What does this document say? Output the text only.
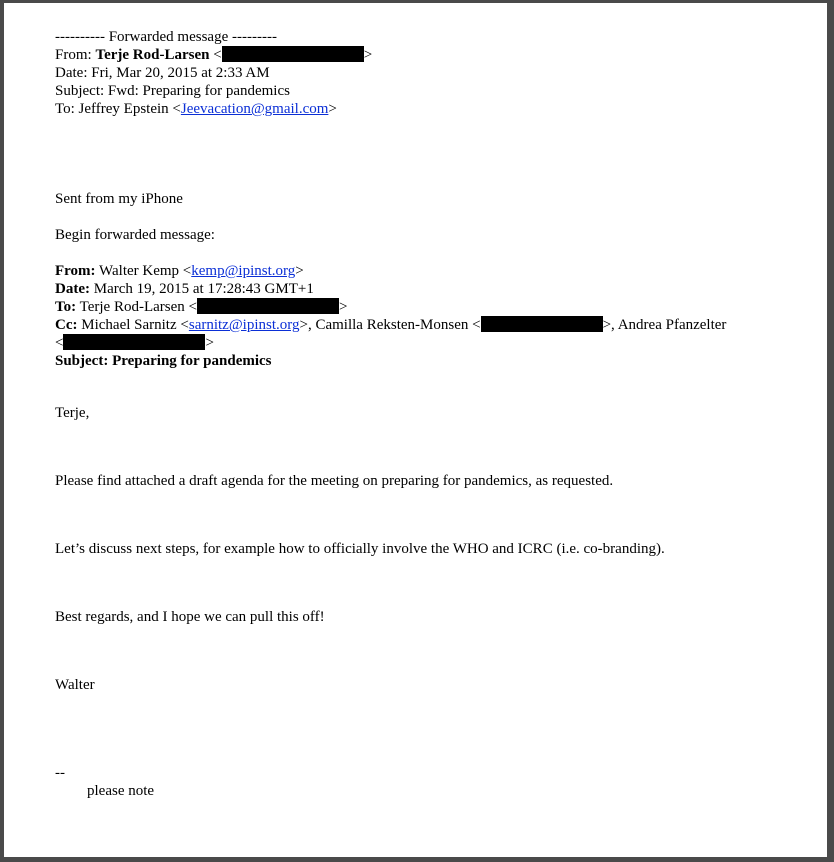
---------- Forwarded message ---------
From: Terje Rod-Larsen <	>
Date: Fri, Mar 20, 2015 at 2:33 AM
Subject: Fwd: Preparing for pandemics
To: Jeffrey Epstein <Jeevacation@gmail.com>
Sent from my iPhone
Begin forwarded message:
From: Walter Kemp <kemp@ipinst.org>
Date: March 19, 2015 at 17:28:43 GMT+1
To: Terje Rod-Larsen <	>
Cc: Michael Sarnitz <sarnitz@ipinst.org>, Camilla Reksten-Monsen <	>, Andrea Pfanzelter
<	>
Subject: Preparing for pandemics
Terje,
Please find attached a draft agenda for the meeting on preparing for pandemics, as requested.
Let’s discuss next steps, for example how to officially involve the WHO and ICRC (i.e. co-branding).
Best regards, and I hope we can pull this off!
Walter
--
please note
